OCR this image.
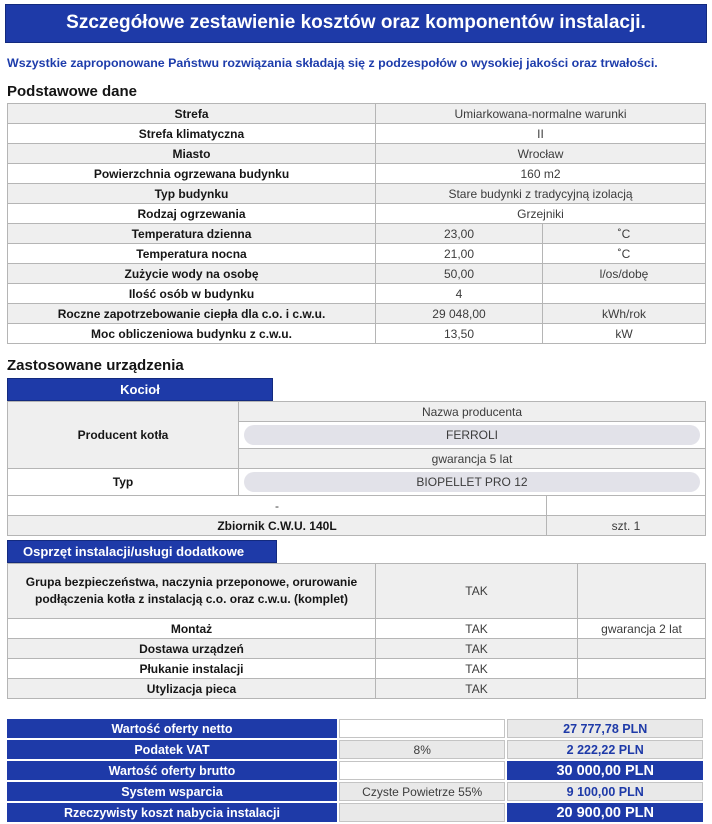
Szczegółowe zestawienie kosztów oraz komponentów instalacji.
Wszystkie zaproponowane Państwu rozwiązania składają się z podzespołów o wysokiej jakości oraz trwałości.
Podstawowe dane
Strefa	Umiarkowana-normalne warunki	
Strefa klimatyczna	II	
Miasto	Wrocław	
Powierzchnia ogrzewana budynku	160 m2	
Typ budynku	Stare budynki z tradycyjną izolacją	
Rodzaj ogrzewania	Grzejniki	
Temperatura dzienna	23,00	˚C
Temperatura nocna	21,00	˚C
Zużycie wody na osobę	50,00	l/os/dobę
Ilość osób w budynku	4	
Roczne zapotrzebowanie ciepła dla c.o. i c.w.u.	29 048,00	kWh/rok
Moc obliczeniowa budynku z c.w.u.	13,50	kW
Zastosowane urządzenia
Kocioł
Producent kotła	Nazwa producenta	

	FERROLI	

	gwarancja 5 lat	
Typ	BIOPELLET PRO 12	

-		
Zbiornik C.W.U. 140L		szt. 1
Osprzęt instalacji/usługi dodatkowe
Grupa bezpieczeństwa, naczynia przeponowe, orurowanie podłączenia kotła z instalacją c.o. oraz c.w.u. (komplet)	TAK	
Montaż	TAK	gwarancja 2 lat
Dostawa urządzeń	TAK	
Płukanie instalacji	TAK	
Utylizacja pieca	TAK	
Wartość oferty netto		27 777,78 PLN
Podatek VAT	8%	2 222,22 PLN
Wartość oferty brutto		30 000,00 PLN
System wsparcia	Czyste Powietrze 55%	9 100,00 PLN
Rzeczywisty koszt nabycia instalacji		20 900,00 PLN
